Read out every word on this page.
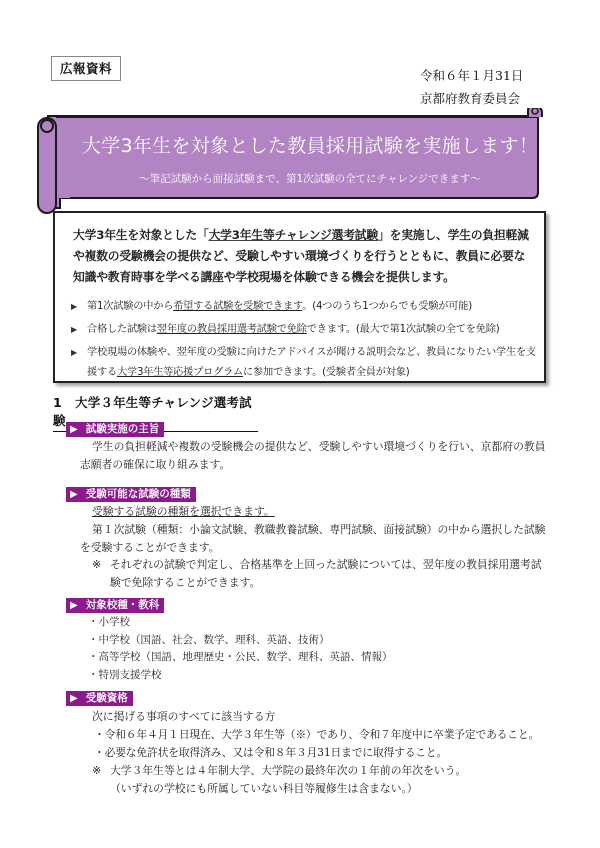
広報資料	令和６年１月31日
京都府教育委員会
大学3年生を対象とした教員採用試験を実施します！
～筆記試験から面接試験まで、第1次試験の全てにチャレンジできます～
大学3年生を対象とした「大学3年生等チャレンジ選考試験」を実施し、学生の負担軽減や複数の受験機会の提供など、受験しやすい環境づくりを行うとともに、教員に必要な知識や教育時事を学べる講座や学校現場を体験できる機会を提供します。
▶ 第1次試験の中から希望する試験を受験できます。(4つのうち1つからでも受験が可能)
▶ 合格した試験は翌年度の教員採用選考試験で免除できます。(最大で第1次試験の全てを免除)
▶ 学校現場の体験や、翌年度の受験に向けたアドバイスが聞ける説明会など、教員になりたい学生を支援する大学3年生等応援プログラムに参加できます。(受験者全員が対象)
1 大学３年生等チャレンジ選考試験
▶ 試験実施の主旨
学生の負担軽減や複数の受験機会の提供など、受験しやすい環境づくりを行い、京都府の教員志願者の確保に取り組みます。
▶ 受験可能な試験の種類
受験する試験の種類を選択できます。
第１次試験（種類：小論文試験、教職教養試験、専門試験、面接試験）の中から選択した試験を受験することができます。
※ それぞれの試験で判定し、合格基準を上回った試験については、翌年度の教員採用選考試験で免除することができます。
▶ 対象校種・教科
・小学校
・中学校（国語、社会、数学、理科、英語、技術）
・高等学校（国語、地理歴史・公民、数学、理科、英語、情報）
・特別支援学校
▶ 受験資格
次に掲げる事項のすべてに該当する方
・令和６年４月１日現在、大学３年生等（※）であり、令和７年度中に卒業予定であること。
・必要な免許状を取得済み、又は令和８年３月31日までに取得すること。
※ 大学３年生等とは４年制大学、大学院の最終年次の１年前の年次をいう。
（いずれの学校にも所属していない科目等履修生は含まない。）
